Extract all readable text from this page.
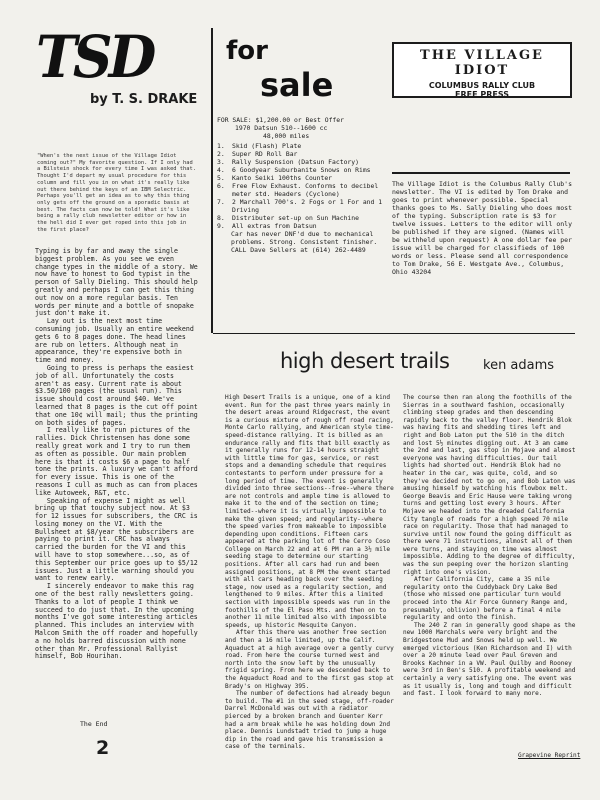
TSD
by T. S. DRAKE
"When's the next issue of the Village Idiot coming out?" My favorite question. If I only had a Bilstein shock for every time I was asked that. Thought I'd depart my usual procedure for this column and fill you in on what it's really like out there behind the keys of an IBM Selectric. Perhaps you'll get an idea as to why this thing only gets off the ground on a sporadic basis at best. The facts can now be told! What it's like being a rally club newsletter editor or how in the hell did I ever get roped into this job in the first place?
Typing is by far and away the single biggest problem. As you see we even change types in the middle of a story. We now have to honest to God typist in the person of Sally Dieling. This should help greatly and perhaps I can get this thing out now on a more regular basis. Ten words per minute and a bottle of snopake just don't make it.
Lay out is the next most time consuming job. Usually an entire weekend gets 6 to 8 pages done. The head lines are rub on letters. Although neat in appearance, they're expensive both in time and money.
Going to press is perhaps the easiest job of all. Unfortunately the costs aren't as easy. Current rate is about $3.50/100 pages (the usual run). This issue should cost around $40. We've learned that 8 pages is the cut off point that one 10¢ will mail; thus the printing on both sides of pages.
I really like to run pictures of the rallies. Dick Christensen has done some really great work and I try to run them as often as possible. Our main problem here is that it costs $6 a page to half tone the prints. A luxury we can't afford for every issue. This is one of the reasons I cull as much as can from places like Autoweek, R&T, etc.
Speaking of expense I might as well bring up that touchy subject now. At $3 for 12 issues for subscribers, the CRC is losing money on the VI. With the Bullsheet at $8/year the subscribers are paying to print it. CRC has always carried the burden for the VI and this will have to stop somewhere...so, as of this September our price goes up to $5/12 issues. Just a little warning should you want to renew early.
I sincerely endeavor to make this rag one of the best rally newsletters going. Thanks to a lot of people I think we succeed to do just that. In the upcoming months I've got some interesting articles planned. This includes an interview with Malcom Smith the off roader and hopefully a no holds barred discussion with none other than Mr. Professional Rallyist himself, Bob Hourihan.
The End
2
for
sale
FOR SALE: $1,200.00 or Best Offer
1970 Datsun 510--1600 cc
48,000 miles
1.	Skid (Flash) Plate
2.	Super RD Roll Bar
3.	Rally Suspension (Datsun Factory)
4.	6 Goodyear Suburbanite Snows on Rims
5.	Kanto Seiki 100ths Counter
6.	Free Flow Exhaust. Conforms to decibel meter std. Headers (Cyclone)
7.	2 Marchall 700's. 2 Fogs or 1 For and 1 Driving
8.	Distributer set-up on Sun Machine
9.	All extras from Datsun
Car has never DNF'd due to mechanical problems. Strong. Consistent finisher.
CALL Dave Sellers at (614) 262-4489
THE VILLAGE IDIOT
COLUMBUS RALLY CLUB
FREE PRESS
The Village Idiot is the Columbus Rally Club's newsletter. The VI is edited by Tom Drake and goes to print whenever possible. Special thanks goes to Ms. Sally Dieling who does most of the typing. Subscription rate is $3 for twelve issues. Letters to the editor will only be published if they are signed. (Names will be withheld upon request) A one dollar fee per issue will be charged for classifieds of 100 words or less. Please send all correspondence to Tom Drake, 56 E. Westgate Ave., Columbus, Ohio 43204
high desert trails	ken adams
High Desert Trails is a unique, one of a kind event. Run for the past three years mainly in the desert areas around Ridgecrest, the event is a curious mixture of rough off road racing, Monte Carlo rallying, and American style time-speed-distance rallying. It is billed as an endurance rally and fits that bill exactly as it generally runs for 12-14 hours straight with little time for gas, service, or rest stops and a demanding schedule that requires contestants to perform under pressure for a long period of time. The event is generally divided into three sections--free--where there are not controls and ample time is allowed to make it to the end of the section on time; limited--where it is virtually impossible to make the given speed; and regularity--where the speed varies from makeable to impossible depending upon conditions. Fifteen cars appeared at the parking lot of the Cerro Coso College on March 22 and at 6 PM ran a 3½ mile seeding stage to determine our starting positions. After all cars had run and been assigned positions, at 8 PM the event started with all cars heading back over the seeding stage, now used as a regularity section, and lengthened to 9 miles. After this a limited section with impossible speeds was run in the foothills of the El Paso Mts. and then on to another 11 mile limited also with impossible speeds, up historic Mesquite Canyon.
After this there was another free section and then a 16 mile limited, up the Calif. Aquaduct at a high average over a gently curvy road. From here the course turned west and north into the snow left by the unusually frigid spring. From here we descended back to the Aquaduct Road and to the first gas stop at Brady's on Highway 395.
The number of defections had already begun to build. The #1 in the seed stage, off-roader Darrel McDonald was out with a radiator pierced by a broken branch and Guenter Kerr had a arm break while he was holding down 2nd place. Dennis Lundstadt tried to jump a huge dip in the road and gave his transmission a case of the terminals.
The course then ran along the foothills of the Sierras in a southward fashion, occasionally climbing steep grades and then descending rapidly back to the valley floor. Hendrik Blok was having fits and shedding tires left and right and Bob Laton put the 510 in the ditch and lost 5½ minutes digging out. At 3 am came the 2nd and last, gas stop in Mojave and almost everyone was having difficulties. Our tail lights had shorted out. Hendrik Blok had no heater in the car, was quite, cold, and so they've decided not to go on, and Bob Laton was amusing himself by watching his flowbox melt. George Beavis and Eric Hause were taking wrong turns and getting lost every 3 hours. After Mojave we headed into the dreaded California City tangle of roads for a high speed 70 mile race on regularity. Those that had managed to survive until now found the going difficult as there were 71 instructions, almost all of them were turns, and staying on time was almost impossible. Adding to the degree of difficulty, was the sun peeping over the horizon slanting right into one's vision.
After California City, came a 35 mile regularity onto the Cuddyback Dry Lake Bed (those who missed one particular turn would proceed into the Air Force Gunnery Range and, presumably, oblivion) before a final 4 mile regularity and onto the finish.
The 240 Z ran in generally good shape as the new 1000 Marchals were very bright and the Bridgestone Mud and Snows held up well. We emerged victorious (Ken Richardson and I) with over a 20 minute lead over Paul Greven and Brooks Kachner in a VW. Paul Quilby and Rooney were 3rd in Ben's 510. A profitable weekend and certainly a very satisfying one. The event was as it usually is, long and tough and difficult and fast. I look forward to many more.
Grapevine Reprint
